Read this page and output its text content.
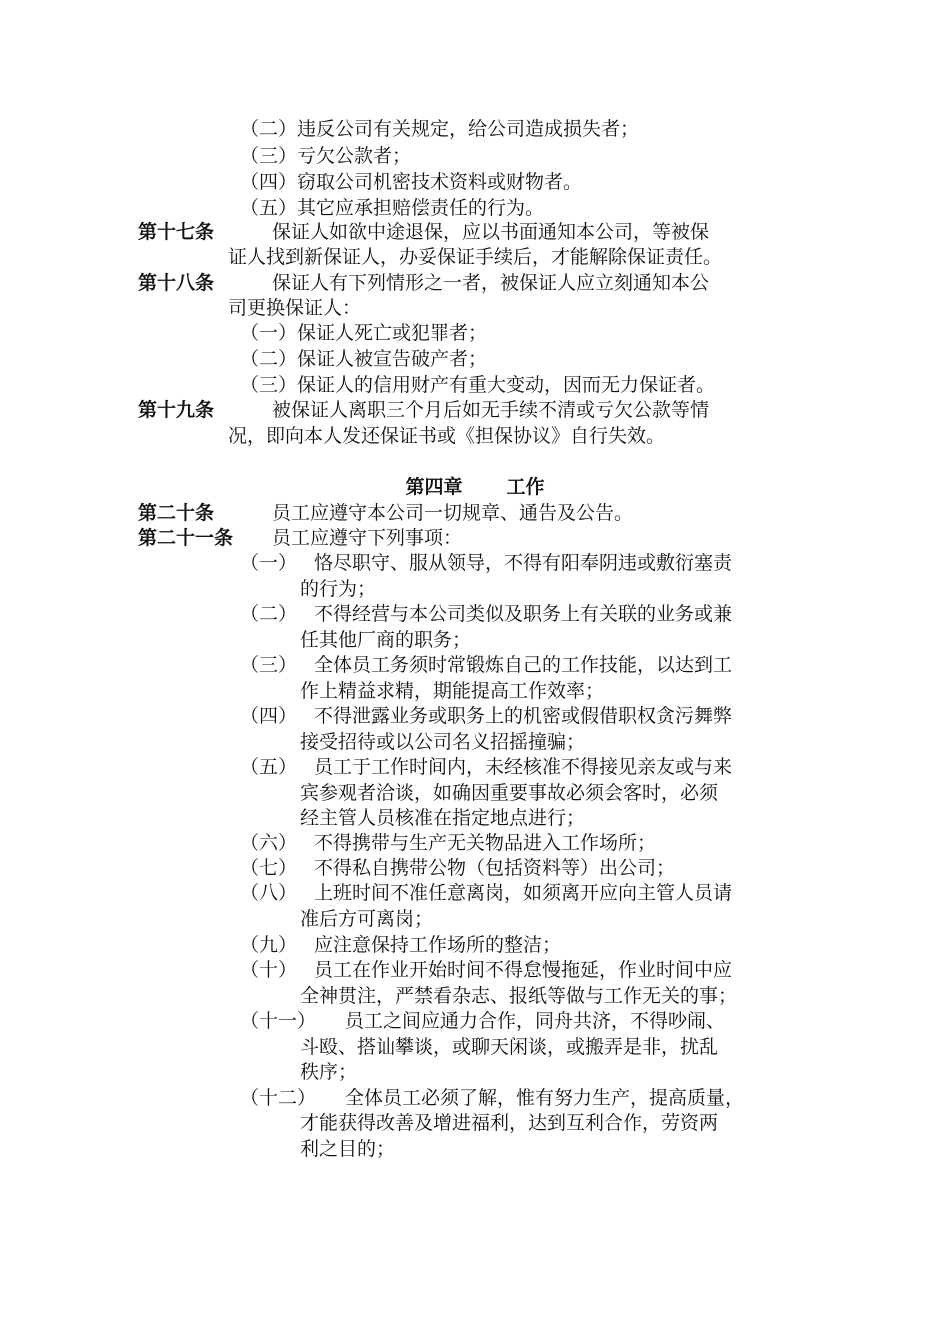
（二）违反公司有关规定，给公司造成损失者；
（三）亏欠公款者；
（四）窃取公司机密技术资料或财物者。
（五）其它应承担赔偿责任的行为。
第十七条	保证人如欲中途退保，应以书面通知本公司，等被保
证人找到新保证人，办妥保证手续后，才能解除保证责任。
第十八条	保证人有下列情形之一者，被保证人应立刻通知本公
司更换保证人：
（一）保证人死亡或犯罪者；
（二）保证人被宣告破产者；
（三）保证人的信用财产有重大变动，因而无力保证者。
第十九条	被保证人离职三个月后如无手续不清或亏欠公款等情
况，即向本人发还保证书或《担保协议》自行失效。
第四章 工作
第二十条	员工应遵守本公司一切规章、通告及公告。
第二十一条 员工应遵守下列事项：
（一） 恪尽职守、服从领导，不得有阳奉阴违或敷衍塞责
的行为；
（二） 不得经营与本公司类似及职务上有关联的业务或兼
任其他厂商的职务；
（三） 全体员工务须时常锻炼自己的工作技能，以达到工
作上精益求精，期能提高工作效率；
（四） 不得泄露业务或职务上的机密或假借职权贪污舞弊
接受招待或以公司名义招摇撞骗；
（五） 员工于工作时间内，未经核准不得接见亲友或与来
宾参观者洽谈，如确因重要事故必须会客时，必须
经主管人员核准在指定地点进行；
（六） 不得携带与生产无关物品进入工作场所；
（七） 不得私自携带公物（包括资料等）出公司；
（八） 上班时间不准任意离岗，如须离开应向主管人员请
准后方可离岗；
（九） 应注意保持工作场所的整洁；
（十） 员工在作业开始时间不得怠慢拖延，作业时间中应
全神贯注，严禁看杂志、报纸等做与工作无关的事；
（十一） 员工之间应通力合作，同舟共济，不得吵闹、
斗殴、搭讪攀谈，或聊天闲谈，或搬弄是非，扰乱
秩序；
（十二） 全体员工必须了解，惟有努力生产，提高质量，
才能获得改善及增进福利，达到互利合作，劳资两
利之目的；
